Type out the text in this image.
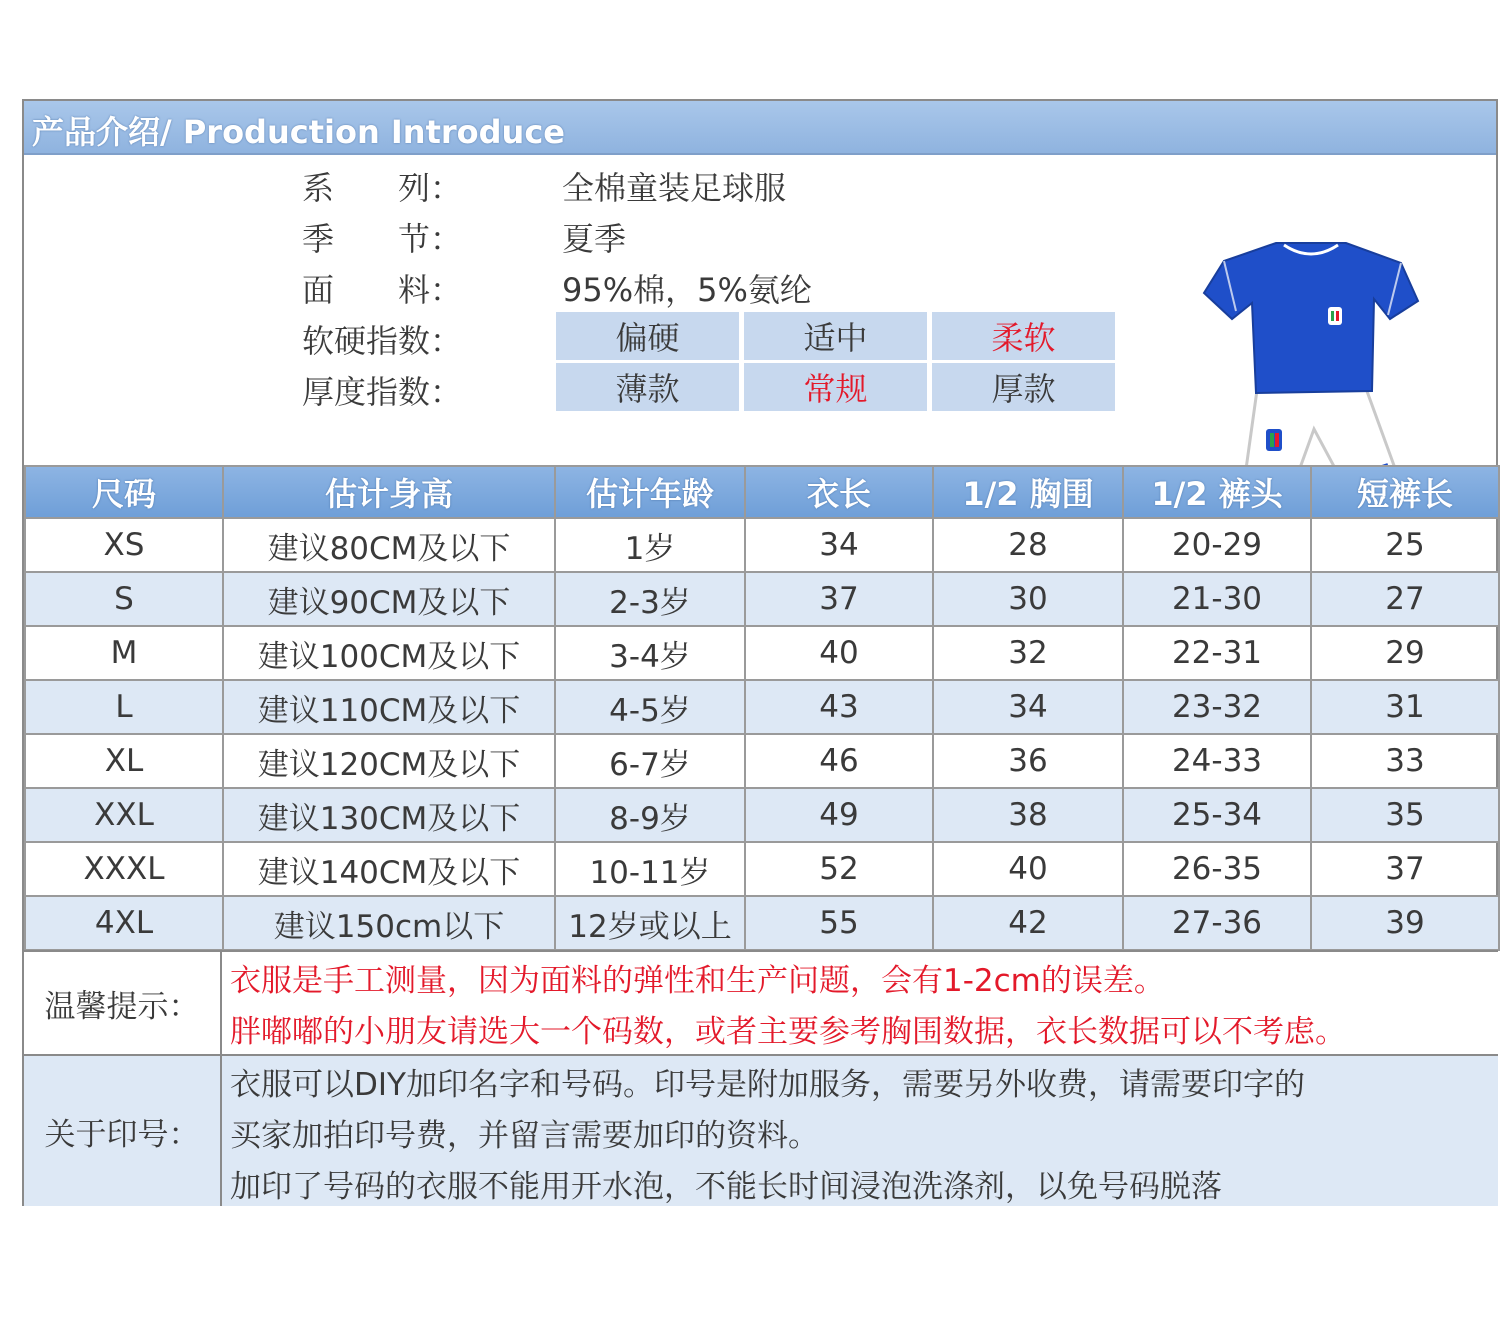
产品介绍/ Production Introduce
系　　列：	全棉童装足球服
季　　节：	夏季
面　　料：	95%棉，5%氨纶
软硬指数：	偏硬	适中	柔软
厚度指数：	薄款	常规	厚款
尺码	估计身高	估计年龄	衣长	1/2 胸围	1/2 裤头	短裤长
XS	建议80CM及以下	1岁	34	28	20-29	25
S	建议90CM及以下	2-3岁	37	30	21-30	27
M	建议100CM及以下	3-4岁	40	32	22-31	29
L	建议110CM及以下	4-5岁	43	34	23-32	31
XL	建议120CM及以下	6-7岁	46	36	24-33	33
XXL	建议130CM及以下	8-9岁	49	38	25-34	35
XXXL	建议140CM及以下	10-11岁	52	40	26-35	37
4XL	建议150cm以下	12岁或以上	55	42	27-36	39
温馨提示：
衣服是手工测量，因为面料的弹性和生产问题，会有1-2cm的误差。
胖嘟嘟的小朋友请选大一个码数，或者主要参考胸围数据，衣长数据可以不考虑。
关于印号：
衣服可以DIY加印名字和号码。印号是附加服务，需要另外收费，请需要印字的
买家加拍印号费，并留言需要加印的资料。
加印了号码的衣服不能用开水泡，不能长时间浸泡洗涤剂，以免号码脱落
